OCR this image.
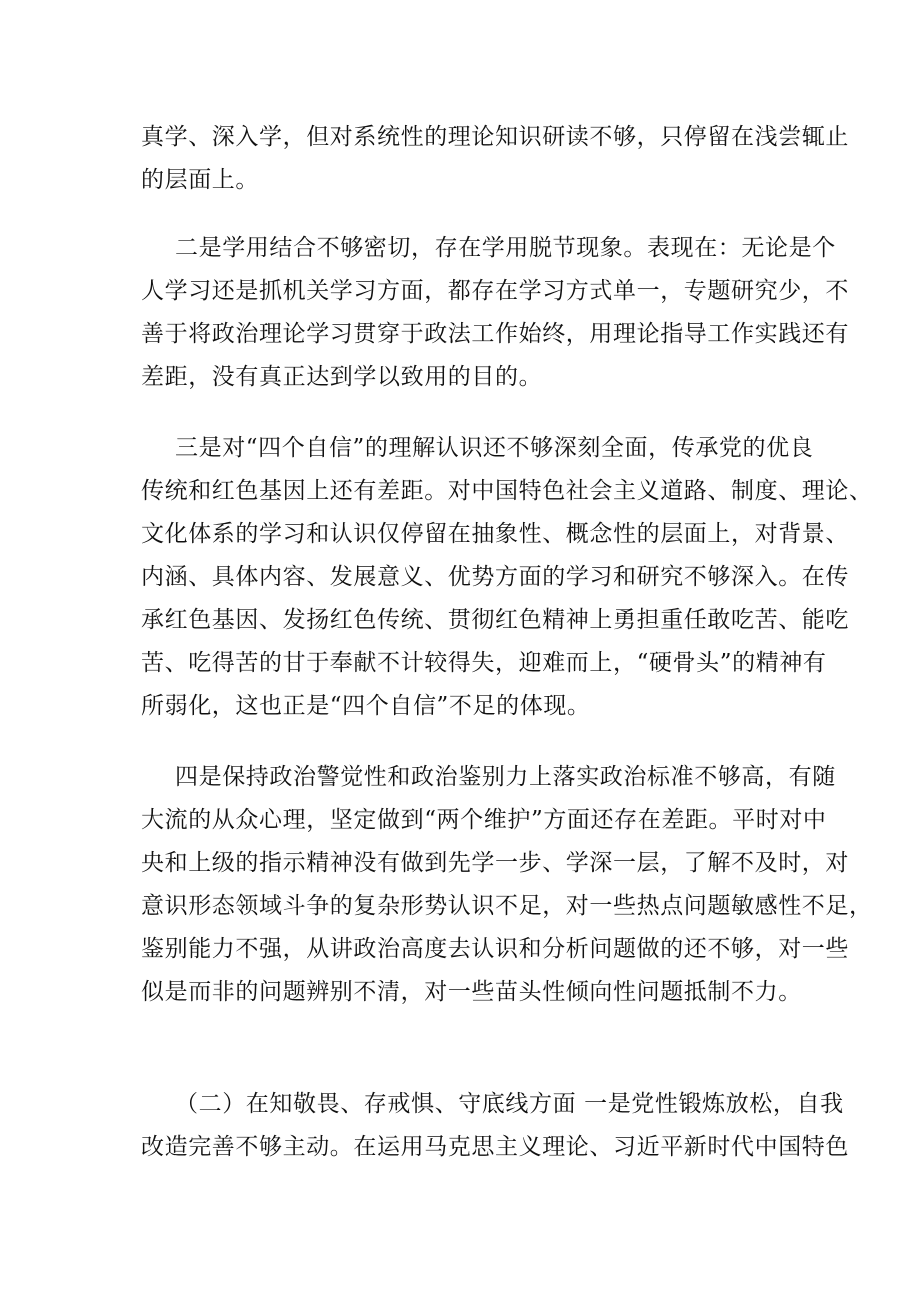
真学、深入学，但对系统性的理论知识研读不够，只停留在浅尝辄止
的层面上。
二是学用结合不够密切，存在学用脱节现象。表现在：无论是个
人学习还是抓机关学习方面，都存在学习方式单一，专题研究少，不
善于将政治理论学习贯穿于政法工作始终，用理论指导工作实践还有
差距，没有真正达到学以致用的目的。
三是对“四个自信”的理解认识还不够深刻全面，传承党的优良
传统和红色基因上还有差距。对中国特色社会主义道路、制度、理论、
文化体系的学习和认识仅停留在抽象性、概念性的层面上，对背景、
内涵、具体内容、发展意义、优势方面的学习和研究不够深入。在传
承红色基因、发扬红色传统、贯彻红色精神上勇担重任敢吃苦、能吃
苦、吃得苦的甘于奉献不计较得失，迎难而上，“硬骨头”的精神有
所弱化，这也正是“四个自信”不足的体现。
四是保持政治警觉性和政治鉴别力上落实政治标准不够高，有随
大流的从众心理，坚定做到“两个维护”方面还存在差距。平时对中
央和上级的指示精神没有做到先学一步、学深一层，了解不及时，对
意识形态领域斗争的复杂形势认识不足，对一些热点问题敏感性不足，
鉴别能力不强，从讲政治高度去认识和分析问题做的还不够，对一些
似是而非的问题辨别不清，对一些苗头性倾向性问题抵制不力。
（二）在知敬畏、存戒惧、守底线方面 一是党性锻炼放松，自我
改造完善不够主动。在运用马克思主义理论、习近平新时代中国特色
